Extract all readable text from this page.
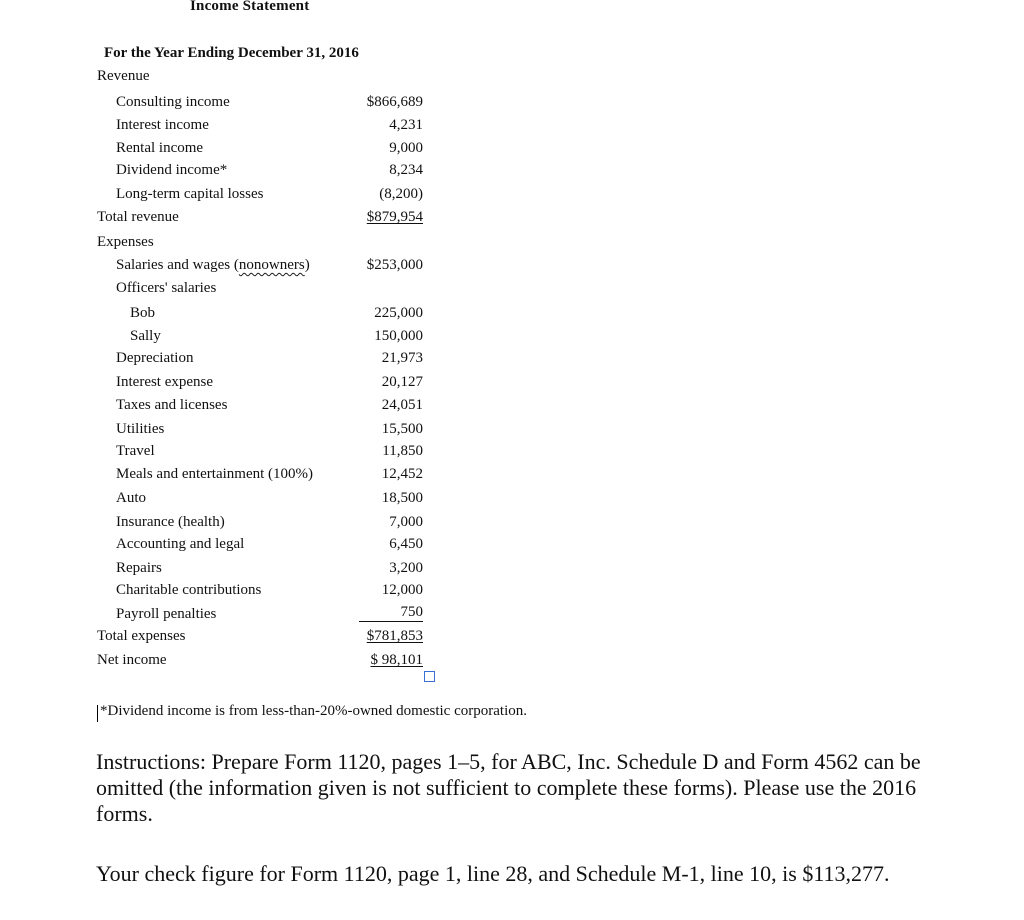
Income Statement
For the Year Ending December 31, 2016
Revenue
Consulting income	$866,689
Interest income	4,231
Rental income	9,000
Dividend income*	8,234
Long-term capital losses	(8,200)
Total revenue	$879,954
Expenses
Salaries and wages (nonowners)	$253,000
Officers' salaries
Bob	225,000
Sally	150,000
Depreciation	21,973
Interest expense	20,127
Taxes and licenses	24,051
Utilities	15,500
Travel	11,850
Meals and entertainment (100%)	12,452
Auto	18,500
Insurance (health)	7,000
Accounting and legal	6,450
Repairs	3,200
Charitable contributions	12,000
Payroll penalties	750
Total expenses	$781,853
Net income	$ 98,101
*Dividend income is from less-than-20%-owned domestic corporation.
Instructions: Prepare Form 1120, pages 1–5, for ABC, Inc. Schedule D and Form 4562 can be omitted (the information given is not sufficient to complete these forms). Please use the 2016 forms.
Your check figure for Form 1120, page 1, line 28, and Schedule M-1, line 10, is $113,277.
